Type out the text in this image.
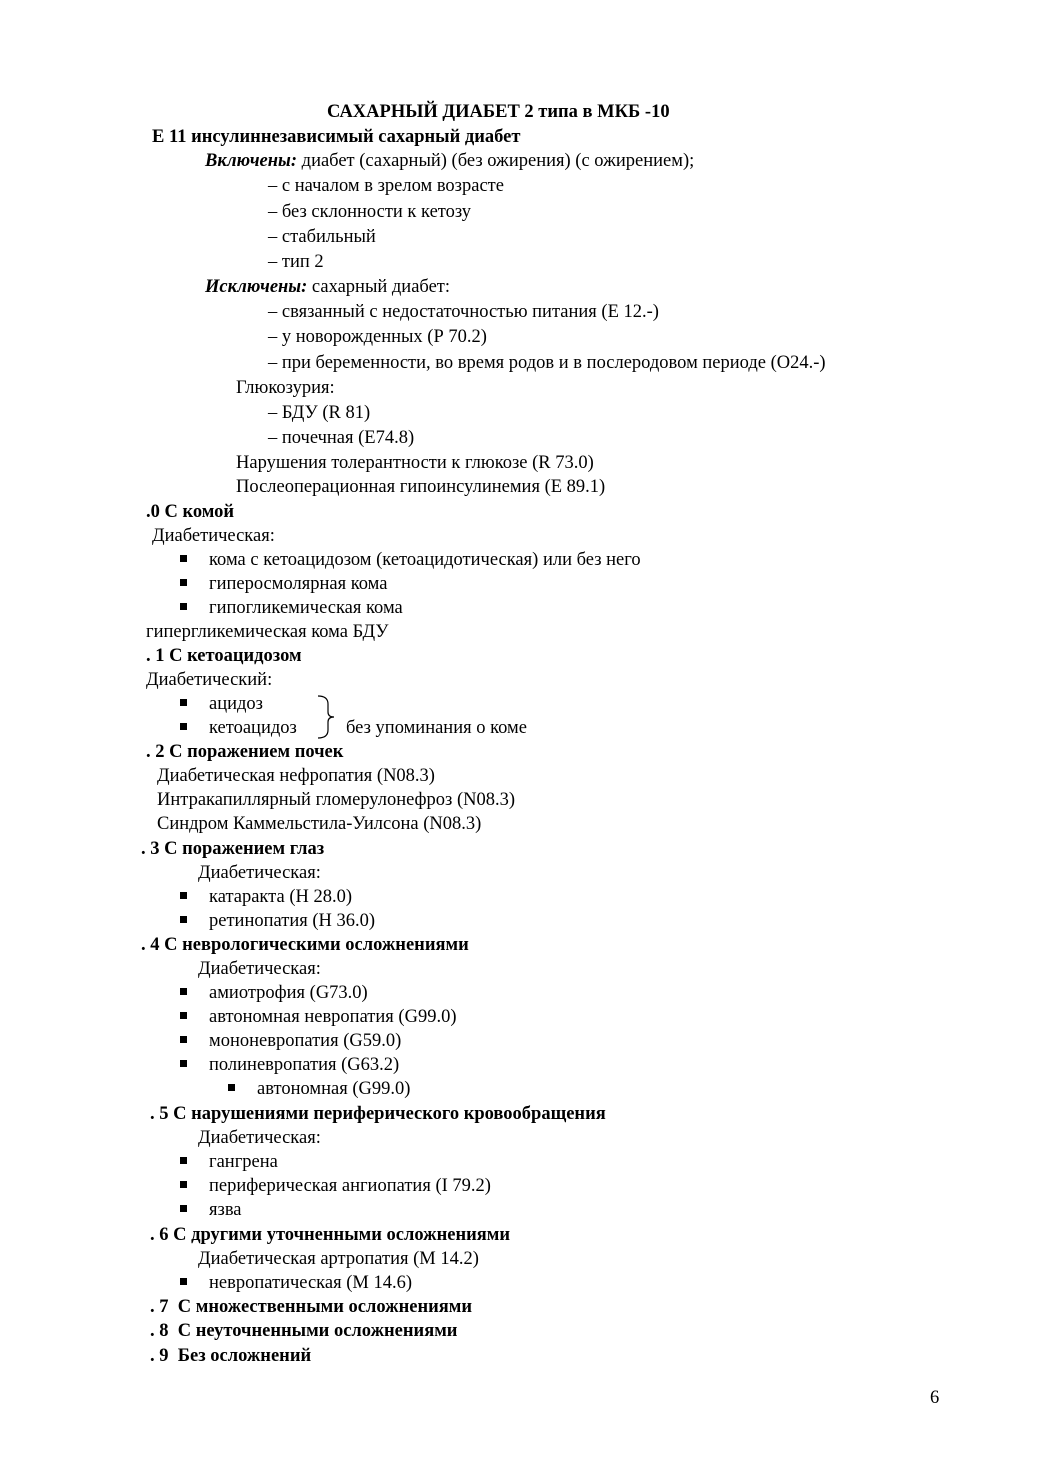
САХАРНЫЙ ДИАБЕТ 2 типа в МКБ -10
Е 11 инсулиннезависимый сахарный диабет
Включены: диабет (сахарный) (без ожирения) (с ожирением);
– с началом в зрелом возрасте
– без склонности к кетозу
– стабильный
– тип 2
Исключены: сахарный диабет:
– связанный с недостаточностью питания (Е 12.-)
– у новорожденных (Р 70.2)
– при беременности, во время родов и в послеродовом периоде (О24.-)
Глюкозурия:
– БДУ (R 81)
– почечная (Е74.8)
Нарушения толерантности к глюкозе (R 73.0)
Послеоперационная гипоинсулинемия (Е 89.1)
.0 С комой
Диабетическая:
кома с кетоацидозом (кетоацидотическая) или без него
гиперосмолярная кома
гипогликемическая кома
гипергликемическая кома БДУ
. 1 С кетоацидозом
Диабетический:
ацидоз
кетоацидоз	без упоминания о коме
. 2 С поражением почек
Диабетическая нефропатия (N08.3)
Интракапиллярный гломерулонефроз (N08.3)
Синдром Каммельстила-Уилсона (N08.3)
. 3 С поражением глаз
Диабетическая:
катаракта (Н 28.0)
ретинопатия (Н 36.0)
. 4 С неврологическими осложнениями
Диабетическая:
амиотрофия (G73.0)
автономная невропатия (G99.0)
мононевропатия (G59.0)
полиневропатия (G63.2)
автономная (G99.0)
. 5 С нарушениями периферического кровообращения
Диабетическая:
гангрена
периферическая ангиопатия (I 79.2)
язва
. 6 С другими уточненными осложнениями
Диабетическая артропатия (М 14.2)
невропатическая (М 14.6)
. 7  С множественными осложнениями
. 8  С неуточненными осложнениями
. 9  Без осложнений
6
